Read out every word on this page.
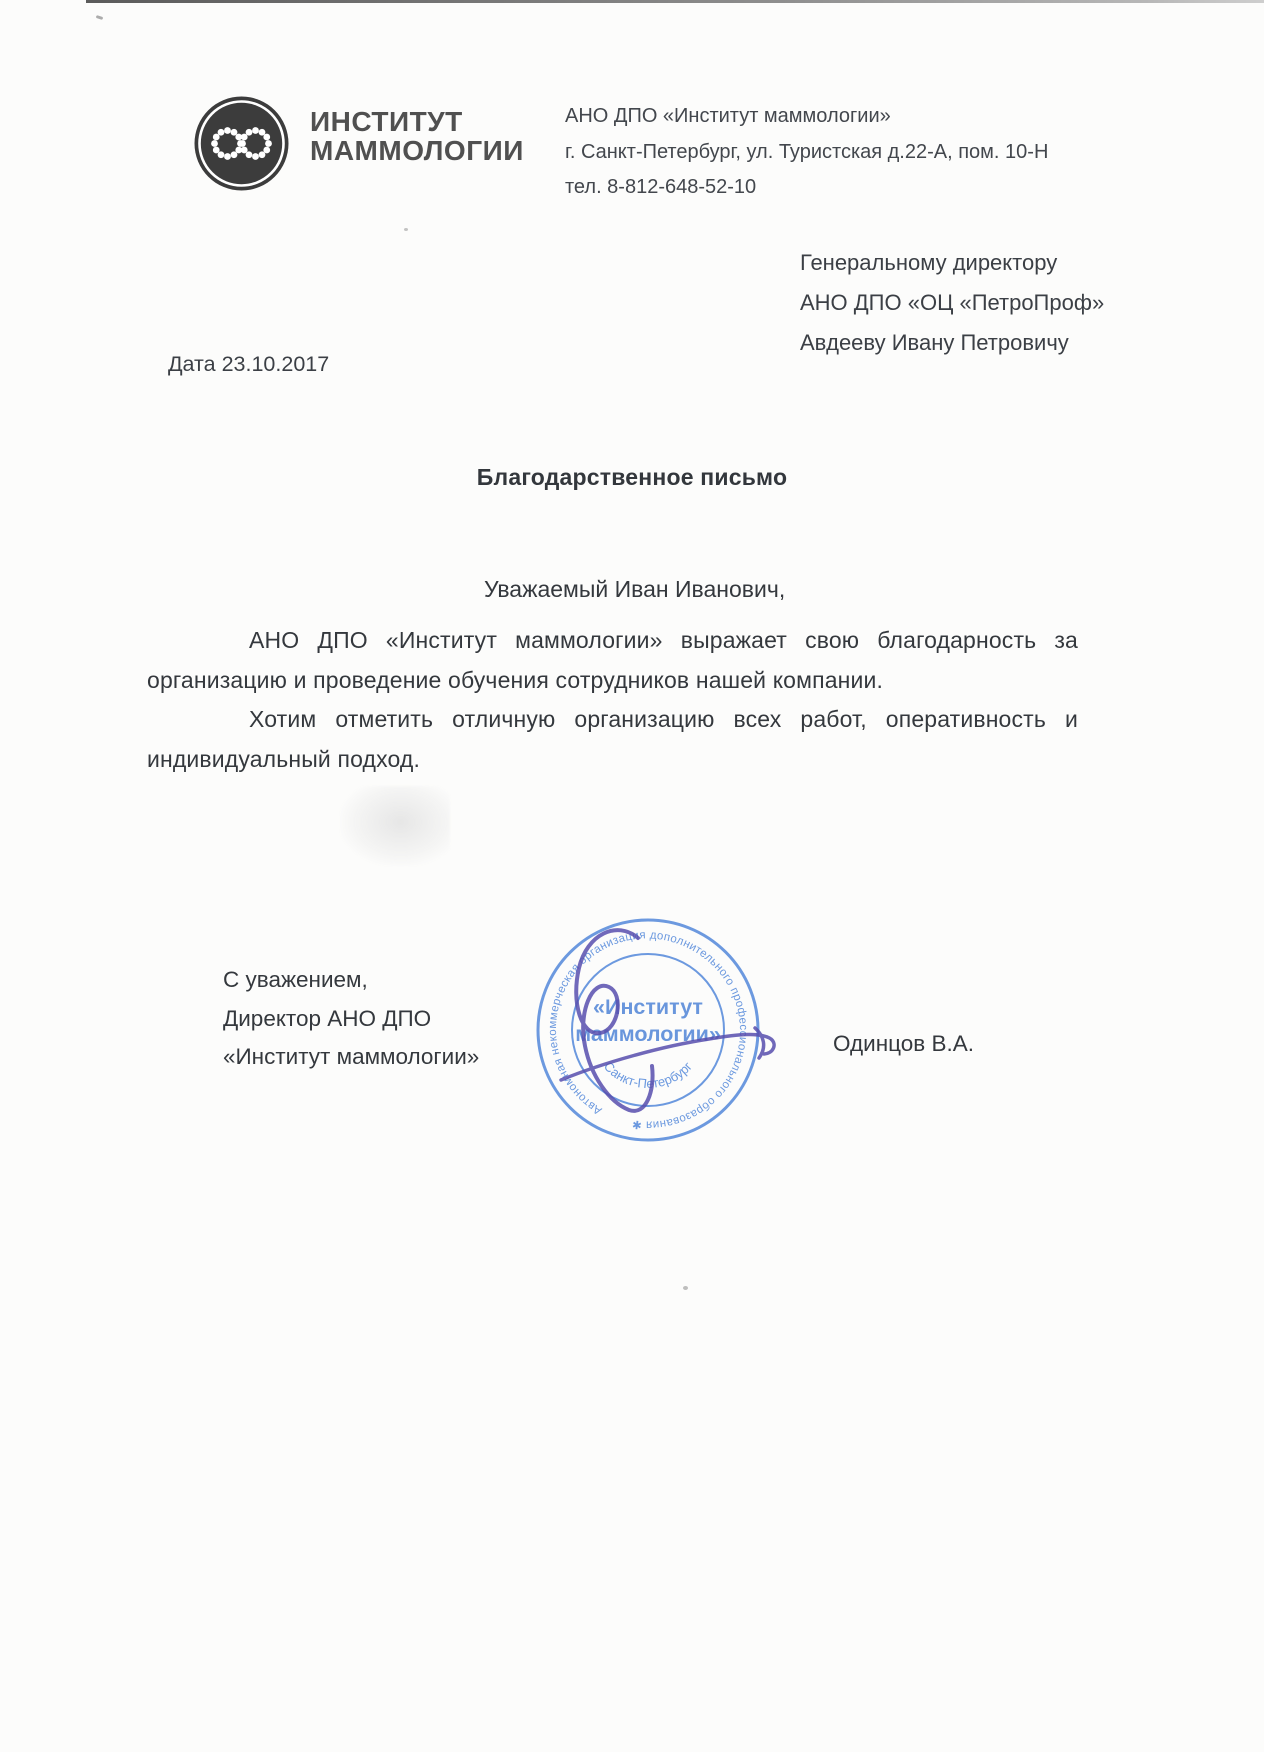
ИНСТИТУТ
МАММОЛОГИИ
АНО ДПО «Институт маммологии»
г. Санкт-Петербург, ул. Туристская д.22-А, пом. 10-Н
тел. 8-812-648-52-10
Генеральному директору
АНО ДПО «ОЦ «ПетроПроф»
Авдееву Ивану Петровичу
Дата 23.10.2017
Благодарственное письмо
Уважаемый Иван Иванович,
АНО ДПО «Институт маммологии» выражает свою благодарность за
организацию и проведение обучения сотрудников нашей компании.
Хотим отметить отличную организацию всех работ, оперативность и
индивидуальный подход.
С уважением,
Директор АНО ДПО
«Институт маммологии»
Автономная некоммерческая организация дополнительного профессионального образования ✱
«Институт
маммологии»
Санкт-Петербург
Одинцов В.А.
